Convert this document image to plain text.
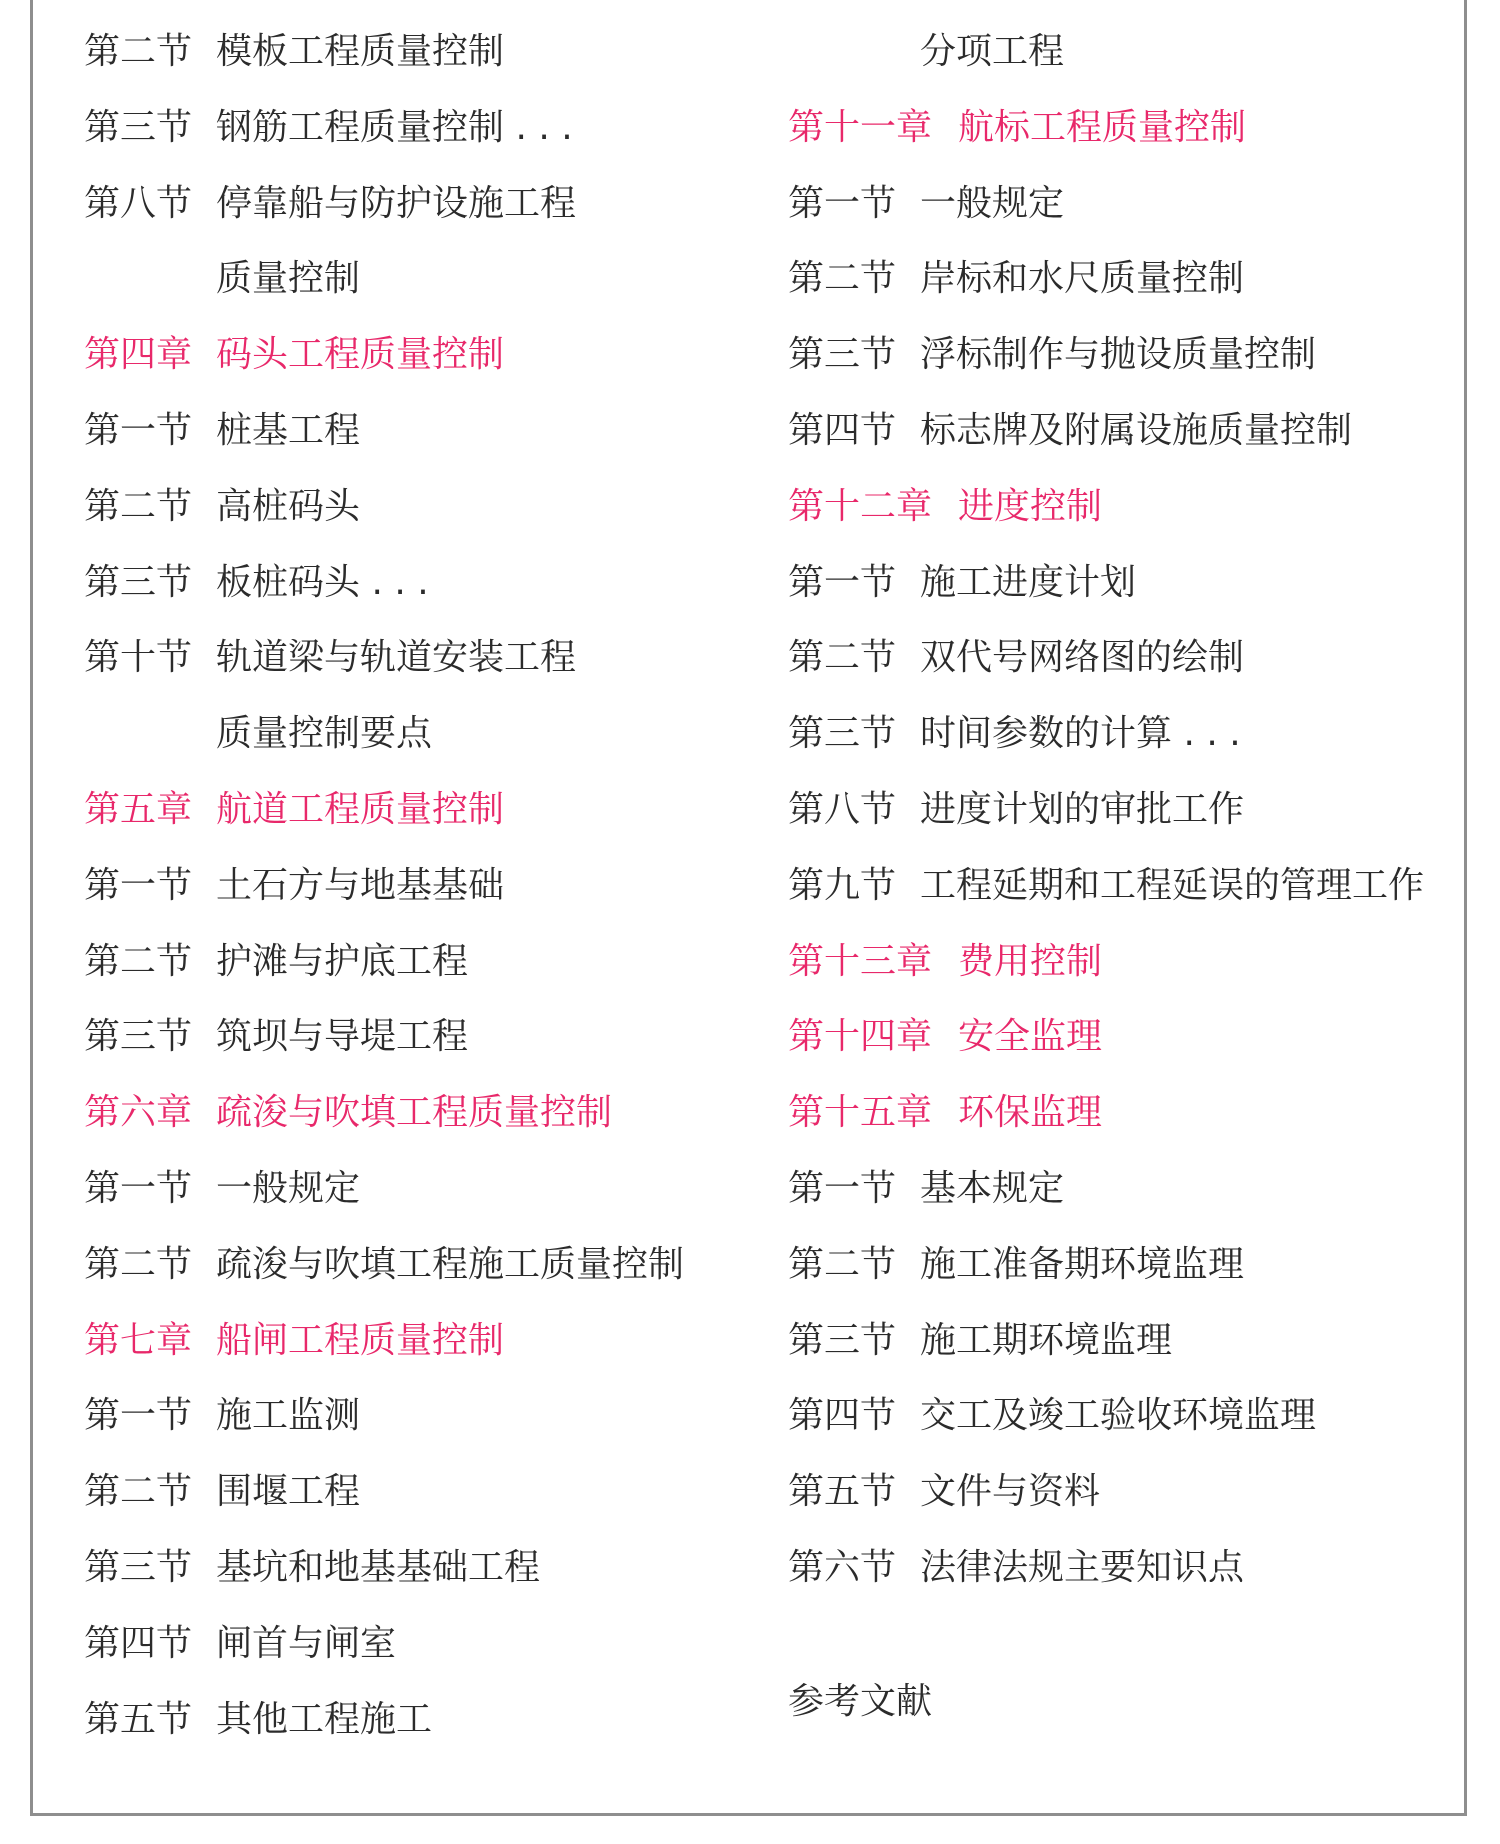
第二节 模板工程质量控制
第三节 钢筋工程质量控制 . . .
第八节 停靠船与防护设施工程
质量控制
第四章 码头工程质量控制
第一节 桩基工程
第二节 高桩码头
第三节 板桩码头 . . .
第十节 轨道梁与轨道安装工程
质量控制要点
第五章 航道工程质量控制
第一节 土石方与地基基础
第二节 护滩与护底工程
第三节 筑坝与导堤工程
第六章 疏浚与吹填工程质量控制
第一节 一般规定
第二节 疏浚与吹填工程施工质量控制
第七章 船闸工程质量控制
第一节 施工监测
第二节 围堰工程
第三节 基坑和地基基础工程
第四节 闸首与闸室
第五节 其他工程施工
分项工程
第十一章 航标工程质量控制
第一节 一般规定
第二节 岸标和水尺质量控制
第三节 浮标制作与抛设质量控制
第四节 标志牌及附属设施质量控制
第十二章 进度控制
第一节 施工进度计划
第二节 双代号网络图的绘制
第三节 时间参数的计算 . . .
第八节 进度计划的审批工作
第九节 工程延期和工程延误的管理工作
第十三章 费用控制
第十四章 安全监理
第十五章 环保监理
第一节 基本规定
第二节 施工准备期环境监理
第三节 施工期环境监理
第四节 交工及竣工验收环境监理
第五节 文件与资料
第六节 法律法规主要知识点
参考文献
